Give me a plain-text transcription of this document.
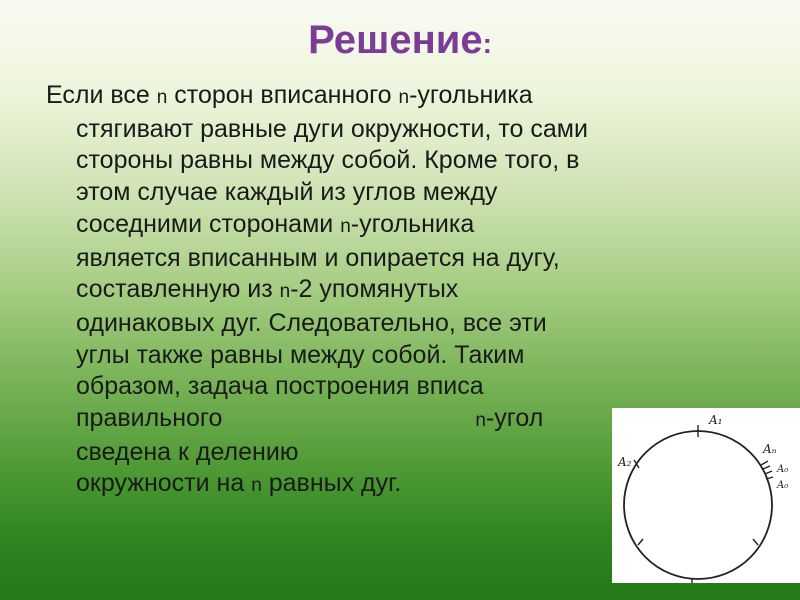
Решение:
Если все n сторон вписанного n-угольника
стягивают равные дуги окружности, то сами
стороны равны между собой. Кроме того, в
этом случае каждый из углов между
соседними сторонами n-угольника
является вписанным и опирается на дугу,
составленную из n-2 упомянутых
одинаковых дуг. Следовательно, все эти
углы также равны между собой. Таким
образом, задача построения вписа
правильного	n-угол
сведена к делению
окружности на n равных дуг.
A₁
A₂
Aₙ
A₀
A₀
